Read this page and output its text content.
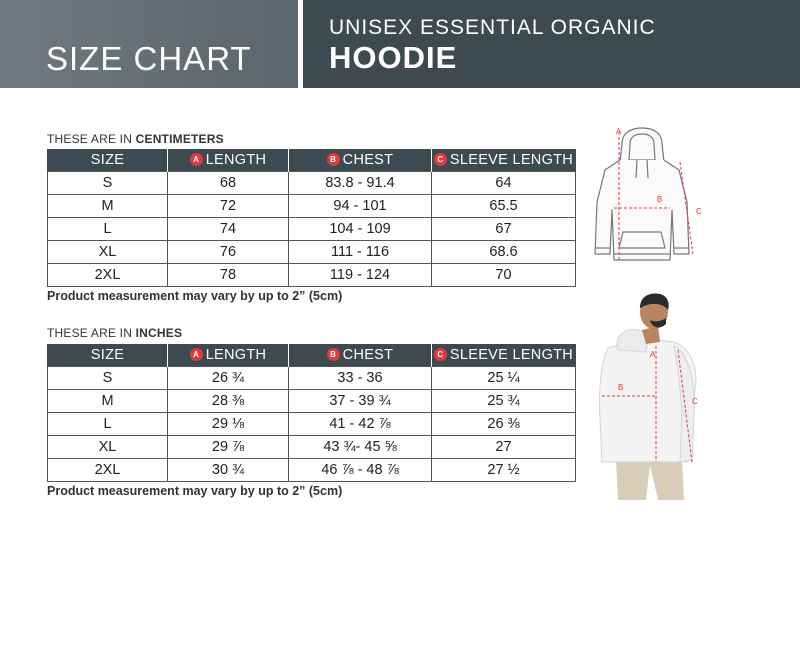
SIZE CHART
UNISEX ESSENTIAL ORGANIC
HOODIE
THESE ARE IN CENTIMETERS
SIZE	A LENGTH	B CHEST	C SLEEVE LENGTH
S	68	83.8 - 91.4	64
M	72	94 - 101	65.5
L	74	104 - 109	67
XL	76	111 - 116	68.6
2XL	78	119 - 124	70
Product measurement may vary by up to 2” (5cm)
THESE ARE IN INCHES
SIZE	A LENGTH	B CHEST	C SLEEVE LENGTH
S	26 ¾	33 - 36	25 ¼
M	28 ⅜	37 - 39 ¾	25 ¾
L	29 ⅛	41 - 42 ⅞	26 ⅜
XL	29 ⅞	43 ¾- 45 ⅝	27
2XL	30 ¾	46 ⅞ - 48 ⅞	27 ½
Product measurement may vary by up to 2” (5cm)
A
B
C
A
B
C
